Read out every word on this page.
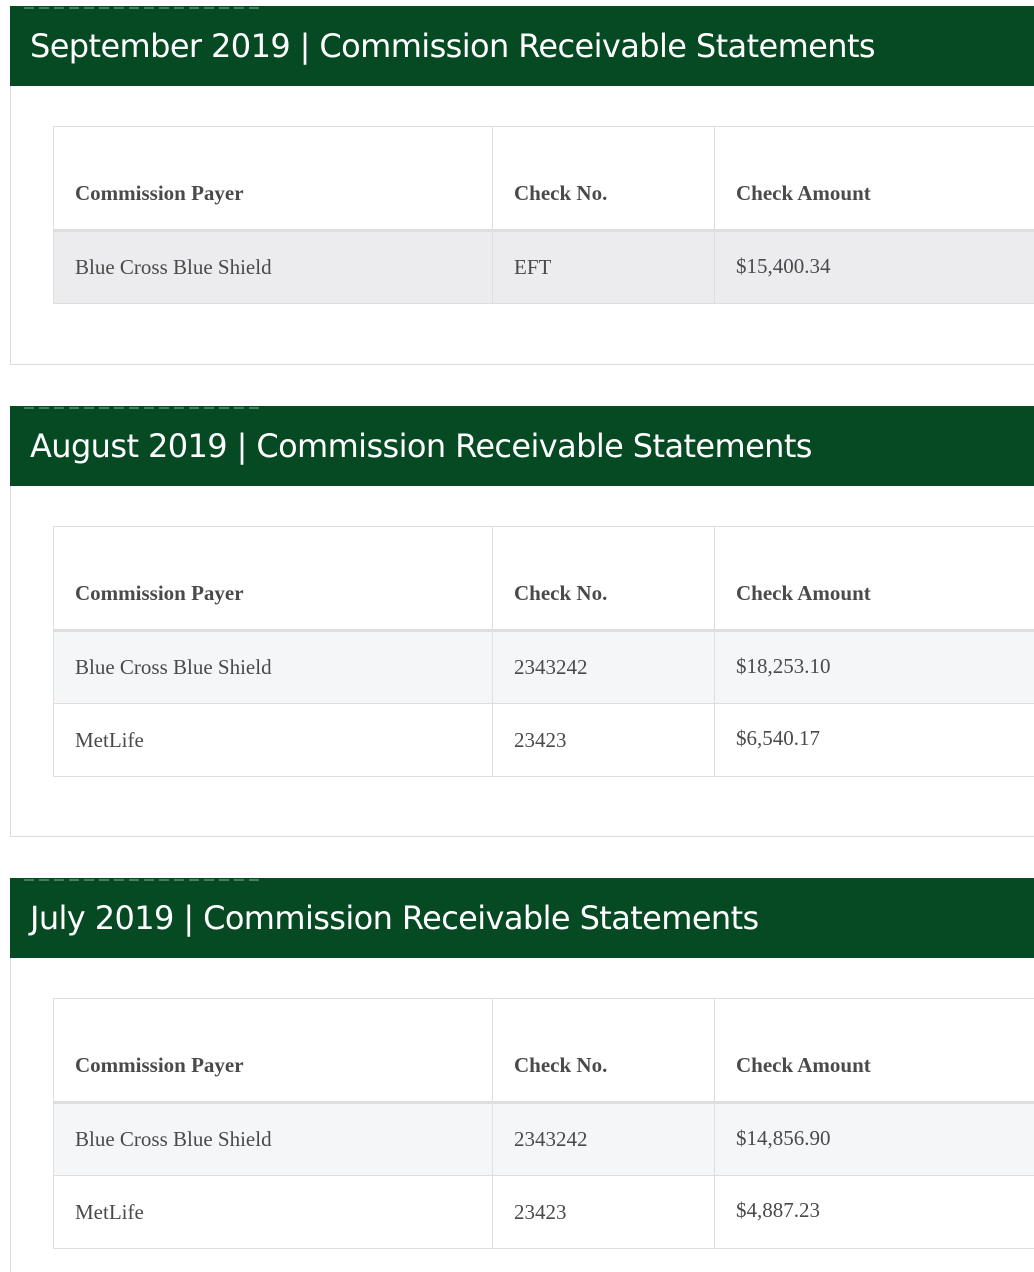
September 2019 | Commission Receivable Statements
Commission Payer	Check No.	Check Amount
Blue Cross Blue Shield	EFT	$15,400.34
August 2019 | Commission Receivable Statements
Commission Payer	Check No.	Check Amount
Blue Cross Blue Shield	2343242	$18,253.10
MetLife	23423	$6,540.17
July 2019 | Commission Receivable Statements
Commission Payer	Check No.	Check Amount
Blue Cross Blue Shield	2343242	$14,856.90
MetLife	23423	$4,887.23
